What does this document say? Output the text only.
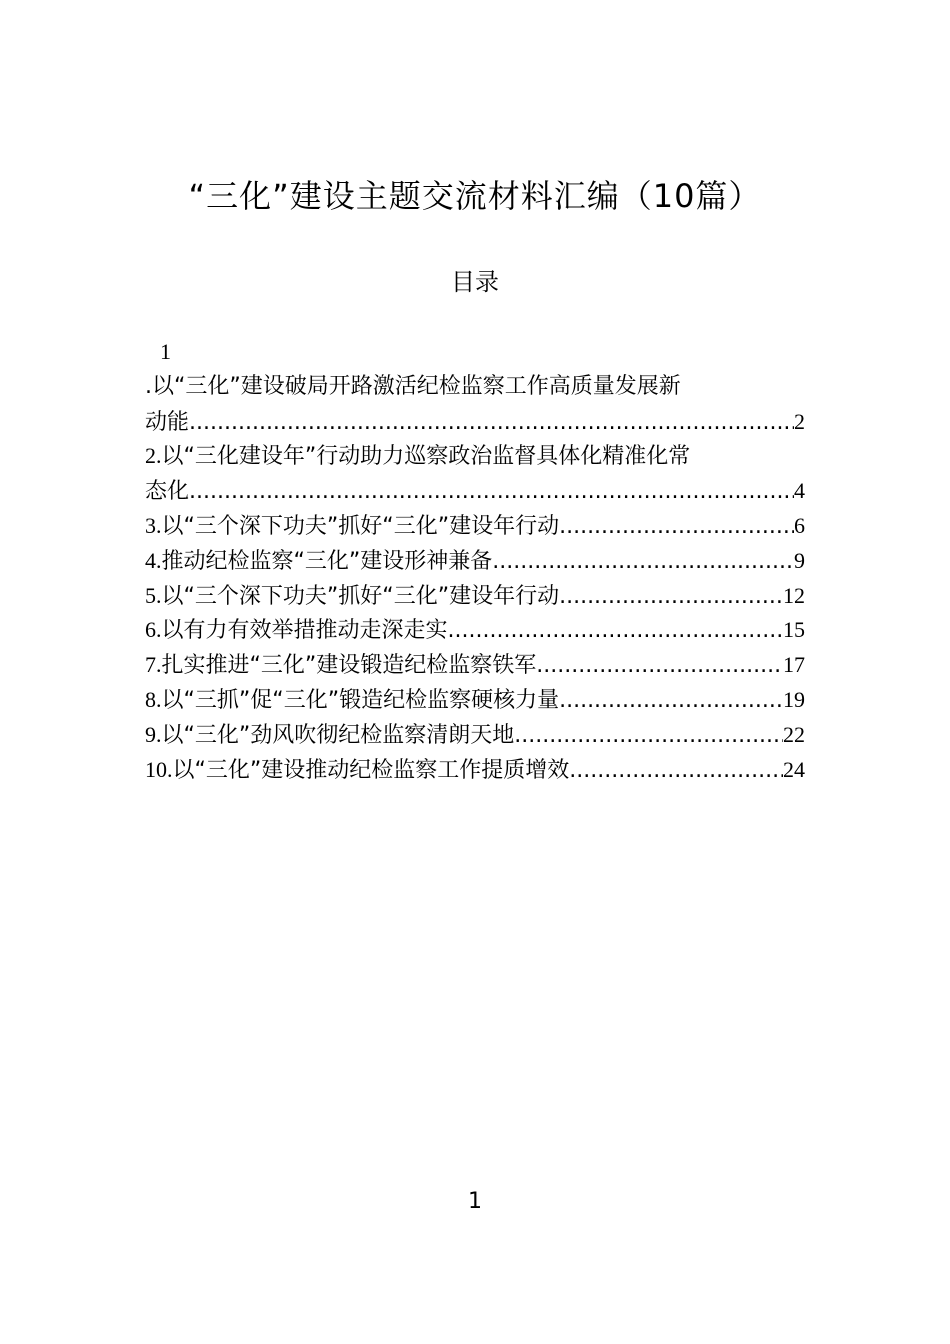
“三化”建设主题交流材料汇编（10篇）
目录
1
.以“三化”建设破局开路激活纪检监察工作高质量发展新
动能 .....	2
2. 以“三化建设年”行动助力巡察政治监督具体化精准化常
态化 .....	4
3. 以“三个深下功夫”抓好“三化”建设年行动 .....	6
4. 推动纪检监察“三化”建设形神兼备 .....	9
5. 以“三个深下功夫”抓好“三化”建设年行动 .....	12
6. 以有力有效举措推动走深走实 .....	15
7. 扎实推进“三化”建设锻造纪检监察铁军 .....	17
8. 以“三抓”促“三化”锻造纪检监察硬核力量 .....	19
9. 以“三化”劲风吹彻纪检监察清朗天地 .....	22
10. 以“三化”建设推动纪检监察工作提质增效 .....	24
1
